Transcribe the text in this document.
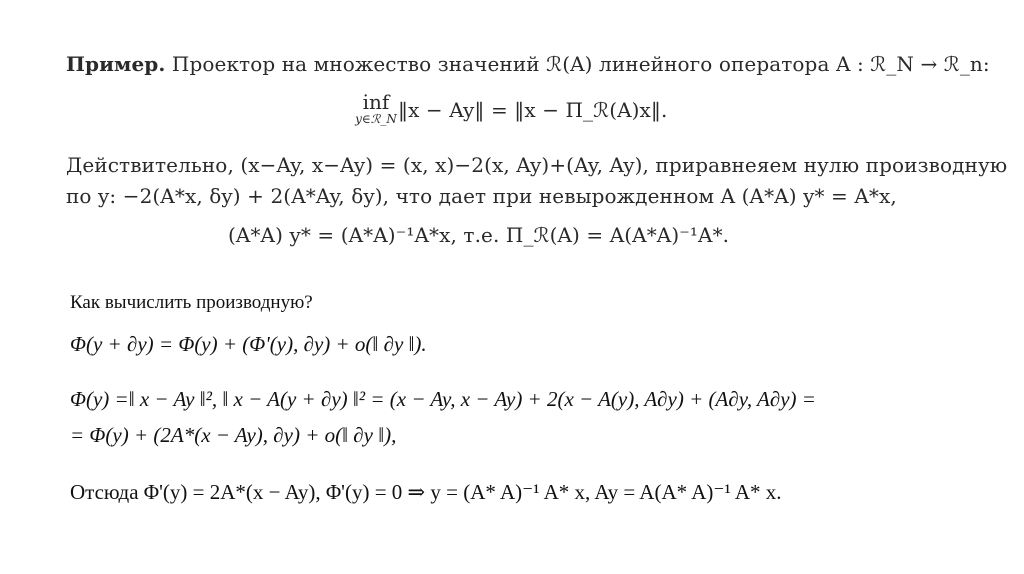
Пример. Проектор на множество значений ℛ(A) линейного оператора A : ℛ_N → ℛ_n:
inf
y∈ℛ_N ‖x − Ay‖ = ‖x − Π_ℛ(A)x‖.
Действительно, (x−Ay, x−Ay) = (x, x)−2(x, Ay)+(Ay, Ay), приравнеяем нулю производную
по y: −2(A*x, δy) + 2(A*Ay, δy), что дает при невырожденном A (A*A) y* = A*x,
(A*A) y* = (A*A)⁻¹A*x, т.е. Π_ℛ(A) = A(A*A)⁻¹A*.
Как вычислить производную?
Φ(y + ∂y) = Φ(y) + (Φ'(y), ∂y) + o(‖ ∂y ‖).
Φ(y) =‖ x − Ay ‖², ‖ x − A(y + ∂y) ‖² = (x − Ay, x − Ay) + 2(x − A(y), A∂y) + (A∂y, A∂y) =
= Φ(y) + (2A*(x − Ay), ∂y) + o(‖ ∂y ‖),
Отсюда Φ'(y) = 2A*(x − Ay), Φ'(y) = 0 ⇒ y = (A* A)⁻¹ A* x, Ay = A(A* A)⁻¹ A* x.
